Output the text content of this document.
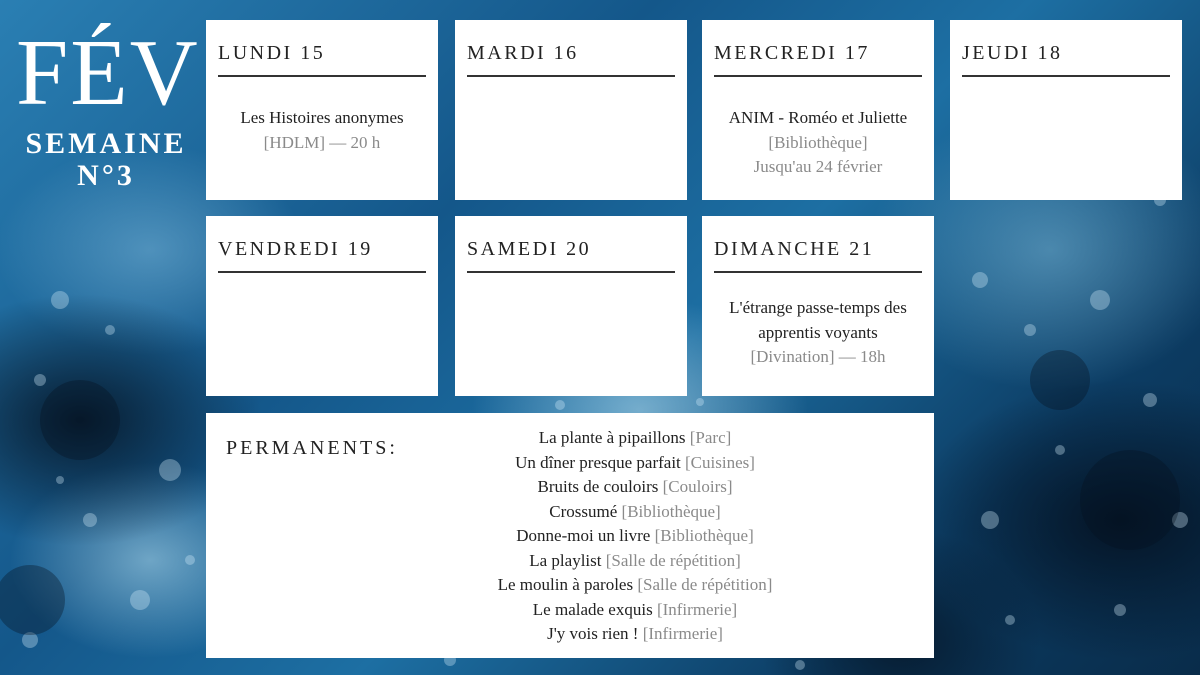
FÉV
SEMAINE
N°3
LUNDI 15
Les Histoires anonymes
[HDLM] — 20 h
MARDI 16	MERCREDI 17
ANIM - Roméo et Juliette
[Bibliothèque]
Jusqu'au 24 février
JEUDI 18
VENDREDI 19	SAMEDI 20	DIMANCHE 21
L'étrange passe-temps des
apprentis voyants
[Divination] — 18h
PERMANENTS:	La plante à pipaillons [Parc]
Un dîner presque parfait [Cuisines]
Bruits de couloirs [Couloirs]
Crossumé [Bibliothèque]
Donne-moi un livre [Bibliothèque]
La playlist [Salle de répétition]
Le moulin à paroles [Salle de répétition]
Le malade exquis [Infirmerie]
J'y vois rien ! [Infirmerie]
